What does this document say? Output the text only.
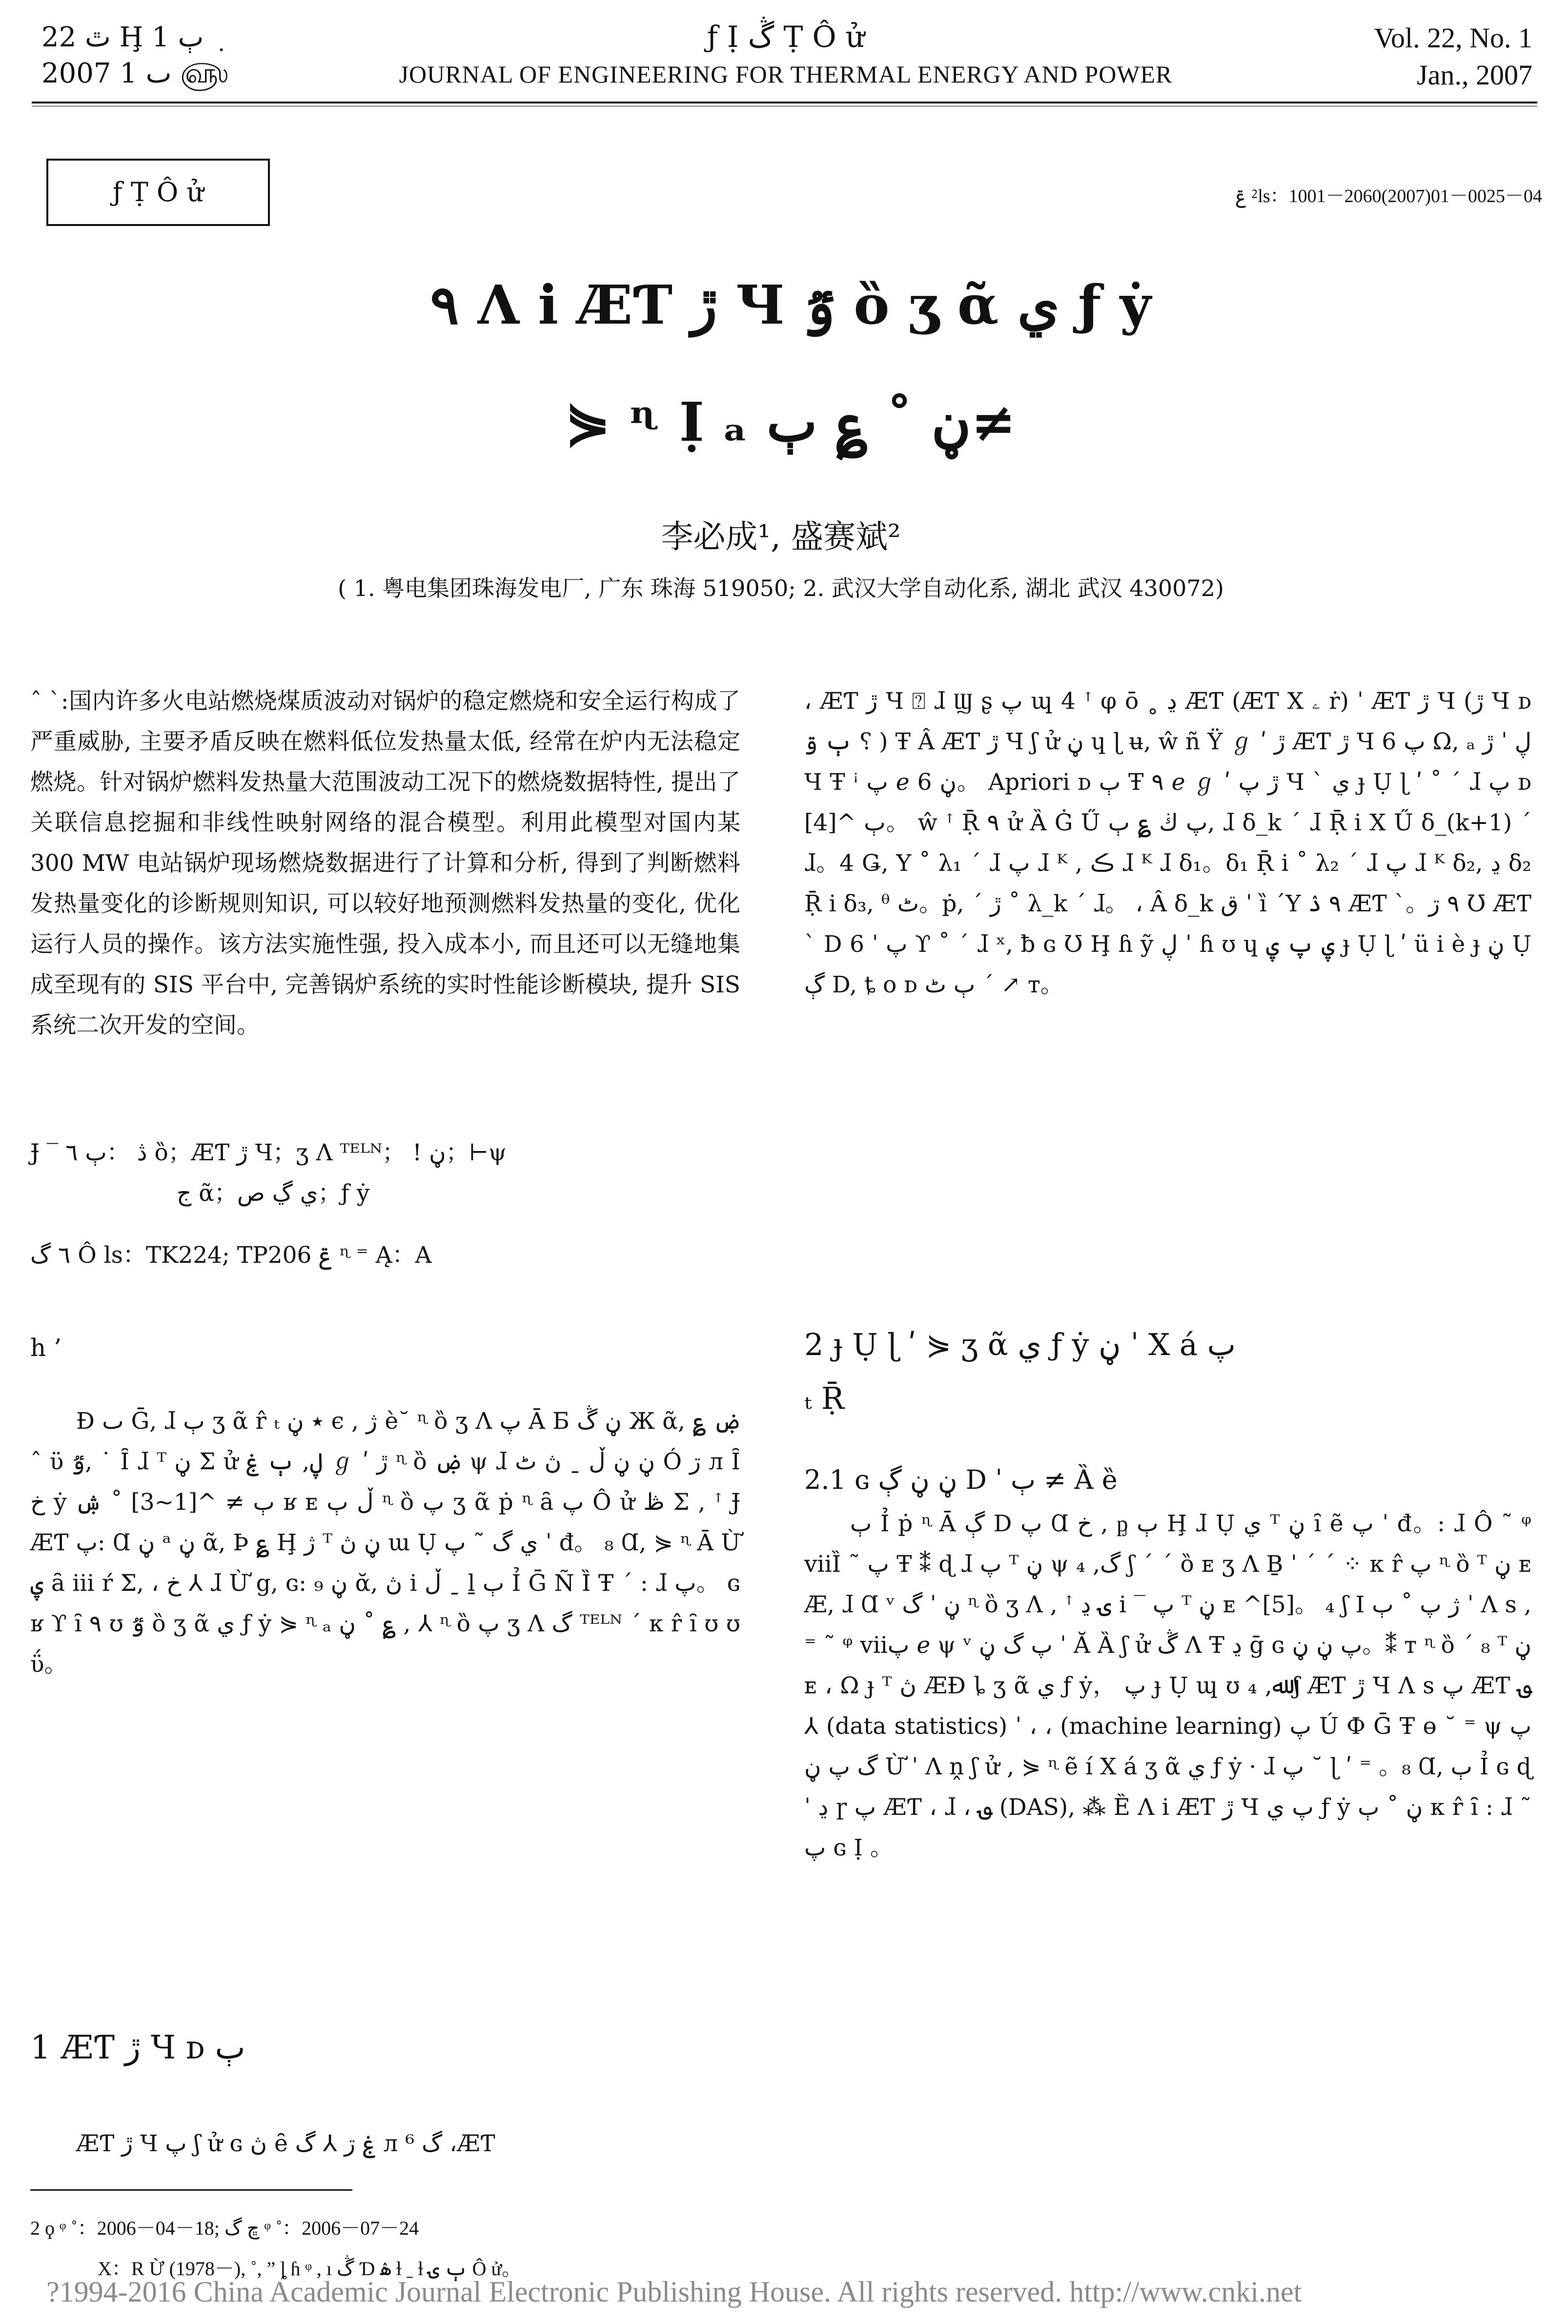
ٿ 22 Ḩ ٻ 1 ݂
2007 ٮ 1 ௵
ƒ Ị ڴ Ṭ Ô ử
JOURNAL OF ENGINEERING FOR THERMAL ENERGY AND POWER
Vol. 22, No. 1
Jan., 2007
ƒ Ṭ Ô ử	ݝ ⁲ls：1001－2060(2007)01－0025－04
٩ Ʌ i ÆƬ ڙ Ɥ ٷ ȍ ʒ ᾶ ي ƒ ẏ
⋟ ᶯ Ị ₐ ڼ ˚ ؏ ٻ≠
李必成¹, 盛赛斌²
( 1. 粤电集团珠海发电厂, 广东 珠海 519050; 2. 武汉大学自动化系, 湖北 武汉 430072)

ˆ ˋ:国内许多火电站燃烧煤质波动对锅炉的稳定燃烧和安全运行构成了严重威胁, 主要矛盾反映在燃料低位发热量太低, 经常在炉内无法稳定燃烧。针对锅炉燃料发热量大范围波动工况下的燃烧数据特性, 提出了关联信息挖掘和非线性映射网络的混合模型。利用此模型对国内某 300 MW 电站锅炉现场燃烧数据进行了计算和分析, 得到了判断燃料发热量变化的诊断规则知识, 可以较好地预测燃料发热量的变化, 优化运行人员的操作。该方法实施性强, 投入成本小, 而且还可以无缝地集成至现有的 SIS 平台中, 完善锅炉系统的实时性能诊断模块, 提升 SIS 系统二次开发的空间。

Ɉ ‾ ڎ ：ٻ ٦ ȍ；ÆƬ ڙ Ɥ；ʒ Ʌ ᵀᴱᴸᴺ； ! ڼ；⊢ψ

ج ᾶ；ي ڲ ص；ƒ ẏ

٦ گ Ô ls：TK224; TP206 ݝ ᶯ ⁼ Ą：A
h ’
Ɖ ٮ Ḡ, ɺ ٻ ʒ ᾶ r̂ ₜ ٭ ڼ ϵ , ژ è˘ ᶯ ȍ ʒ Ʌ پ Ā Б ڼ ڴ Ж ᾶ, ؏ ۻ ˆ ϋ ٷ, ˙ Ȋ ɺ ᵀ ڼ Σ ử ڸ, ٻ ۼ ℊ ʹ ڙ ᶯ ȍ ۻ ψ ɺ ڼ ڼ ڵ ˍ ڽ ٹ Ó ڗ л Ȋ خ ẏ ٻ ≠ ^[1~3] ˚ ۺ ʁ ᴇ ڵ ٻ ᶯ ȍ پ ʒ ᾶ ṗ ᶯ ȃ پ Ô ử ڟ Σ , ꜛ Ɉ ÆƬ پ: Ɑ ڼ ᵃ ڼ ᾶ, Þ ؏ Ḩ ژ ᵀ ڼ ڽ ɯ Ụ ي گ ˜ پ ˈ đ。 ₈ Ɑ, ⋟ ᶯ Ā Ừ ۑ ȃ iii ŕ Σ, ، خ ⅄ ɺ Ừ g, ɢ: ₉ ڼ ᾰ, ڽ i ڵ ˍ ḻ ٻ Ỉ Ḡ Ñ Ȉ Ŧ ˊ : ɺ پ。 ɢ ʁ ϒ ȋ ٩ ʊ ٷ ȍ ʒ ᾶ ي ƒ ẏ ⋟ ᶯ ₐ ڼ ˚ ؏ , ⅄ ᶯ ȍ پ ʒ Ʌ گ ᵀᴱᴸᴺ ˊ ᴋ r̂ ȋ ʊ ʊ ΰ。
1 ÆƬ ڙ Ɥ ᴅ ٻ
ÆƬ ڙ Ɥ پ ʃ ử ɢ ڽ ȇ ۼ ڗ ⅄ گ л گ ⁶ ،ÆƬ
، ÆƬ ڙ Ɥ ⍰ ɺ Ϣ ʂ پ ɰ 4 ꜛ φ ō ˳ ڍ ÆƬ (ÆƬ X ۦ ṙ) ˈ ÆƬ ڙ Ɥ (ڙ Ɥ ᴅ ٻ ۊ ⸮ ) Ŧ Â ÆƬ ڙ Ɥ ʃ ử ڼ ɥ ɭ ʉ, ŵ ñ Ÿ ℊ ʹ ڙ ÆƬ ڙ Ɥ پ 6 Ω, ₐ ڸ ˈ ڙ Ɥ Ŧ ꜞ پ ℯ 6 ڼ。 Apriori ᴅ ٻ Ŧ ٩ ℯ ℊ ʹ ڙ پ Ɥ ˋ ي ɟ Ụ ɭ ʹ ˚ ˊ ɺ پ ᴅ ٻ ^[4]。 ŵ ꜛ Ṝ ٩ ử Ȁ Ġ Ű پ ڬ ؏ ٻ, ɺ δ_k ˊ ɺ Ṝ i X Ű δ_(k+1) ˊ ɺ。4 Ǥ, Y ˚ λ₁ ˊ ɺ پ ɺ ᴷ , ڪ ɺ ᴷ ɺ δ₁。δ₁ Ṝ i ˚ λ₂ ˊ ɺ پ ɺ ᴷ δ₂, ڍ δ₂ Ṝ i δ₃, ᶿ ٹ。ṗ, ˊ ڙ ˚ λ_k ˊ ɺ。 ، Â δ_k ق ˈ ȉ ˊY ٩ ۮ ÆƬ ˋ。٩ ڗ Ʊ ÆƬ ˋ D پ ˈ 6 ϒ ˚ ˊ ɺ ˣ, ƀ ɢ Ʊ Ḩ ɦ ỹ ڸ ˈ ɦ ʊ ɥ ۑ پ ۑ ɟ Ụ ɭ ʹ ü i è ɟ ڼ Ụ ڳ D, ȶ ᴏ ᴅ ٻ ٹ ˊ ↗ ᴛ。
2 ɟ Ụ ɭ ʹ ⋟ ʒ ᾶ ي ƒ ẏ ڼ ˈ X á پ
ₜ Ṝ
2.1 ɢ ڼ ڼ ڳ D ˈ ٻ ≠ Ȁ ȅ
ٻ Ỉ ṗ ᶯ Ā ڳ D پ Ɑ خ , ᶈ ٻ Ḩ ɺ Ụ ي ᵀ ڼ ȋ ẽ پ ˈ đ。: ɺ Ô ˜ ᵠ viiȈ ˜ پ Ŧ ⁑ ɖ ɺ پ ᵀ ڼ ψ گ, ₄ ʃ ˊ ˊ ȍ ᴇ ʒ Ʌ Ḇ ˈ ˊ ˊ ⁘ ᴋ r̂ پ ᶯ ȍ ᵀ ڼ ᴇ Æ, ɺ Ɑ ᵛ ڼ ˈ گ ᶯ ȍ ʒ Ʌ , ꜛ ۍ ڍ i ‾ پ ᵀ ڼ ᴇ ^[5]。 ₄ ʃ I ژ پ ˚ ٻ ˈ Ʌ ѕ , ⁼ ˜ ᵠ viiپ ℯ ψ ᵛ پ گ ڼ ˈ Ă Ȁ ʃ ử ڴ Ʌ Ŧ ڍ ḡ ɢ پ ڼ ڼ。⁑ ᴛ ᶯ ȍ ˊ ₈ ᵀ ڼ ᴇ ، Ω ɟ ᵀ ڽ ÆƉ ȴ ʒ ᾶ ي ƒ ẏ， پ ɟ Ụ ɰ ʊ ﷲ, ₄ ʃ ÆƬ ڙ Ɥ Ʌ ѕ پ ÆƬ ؈ ⅄ (data statistics) ˈ ، ، (machine learning) پ Ú Ф Ḡ Ŧ ɵ ˘ ⁼ ψ پ گ پ ڼ Ừ ˈ Ʌ ṋ ʃ ử , ⋟ ᶯ ẽ í X á ʒ ᾶ ي ƒ ẏ · ɺ پ ˘ ɭ ʹ ⁼ 。₈ Ɑ, ٻ Ỉ ɢ ɖ ˈ ڍ ɼ پ ÆƬ ، ɺ ، ؈ (DAS), ⁂ Ȅ Ʌ i ÆƬ ڙ Ɥ پ ي ƒ ẏ ڼ ˚ ٻ ᴋ r̂ ȋ : ɺ ˜ پ ɢ Ị 。
2 ϙ ᵠ ˚：2006－04－18; ڇ گ ᵠ ˚：2006－07－24
X：R Ừ (1978－), ˚, ” ȴ ɦ ᵠ , ı ڴ Ɗ ۿ ɫ ˍ ɫ ٻ ۍ Ô ử。
?1994-2016 China Academic Journal Electronic Publishing House. All rights reserved. http://www.cnki.net
